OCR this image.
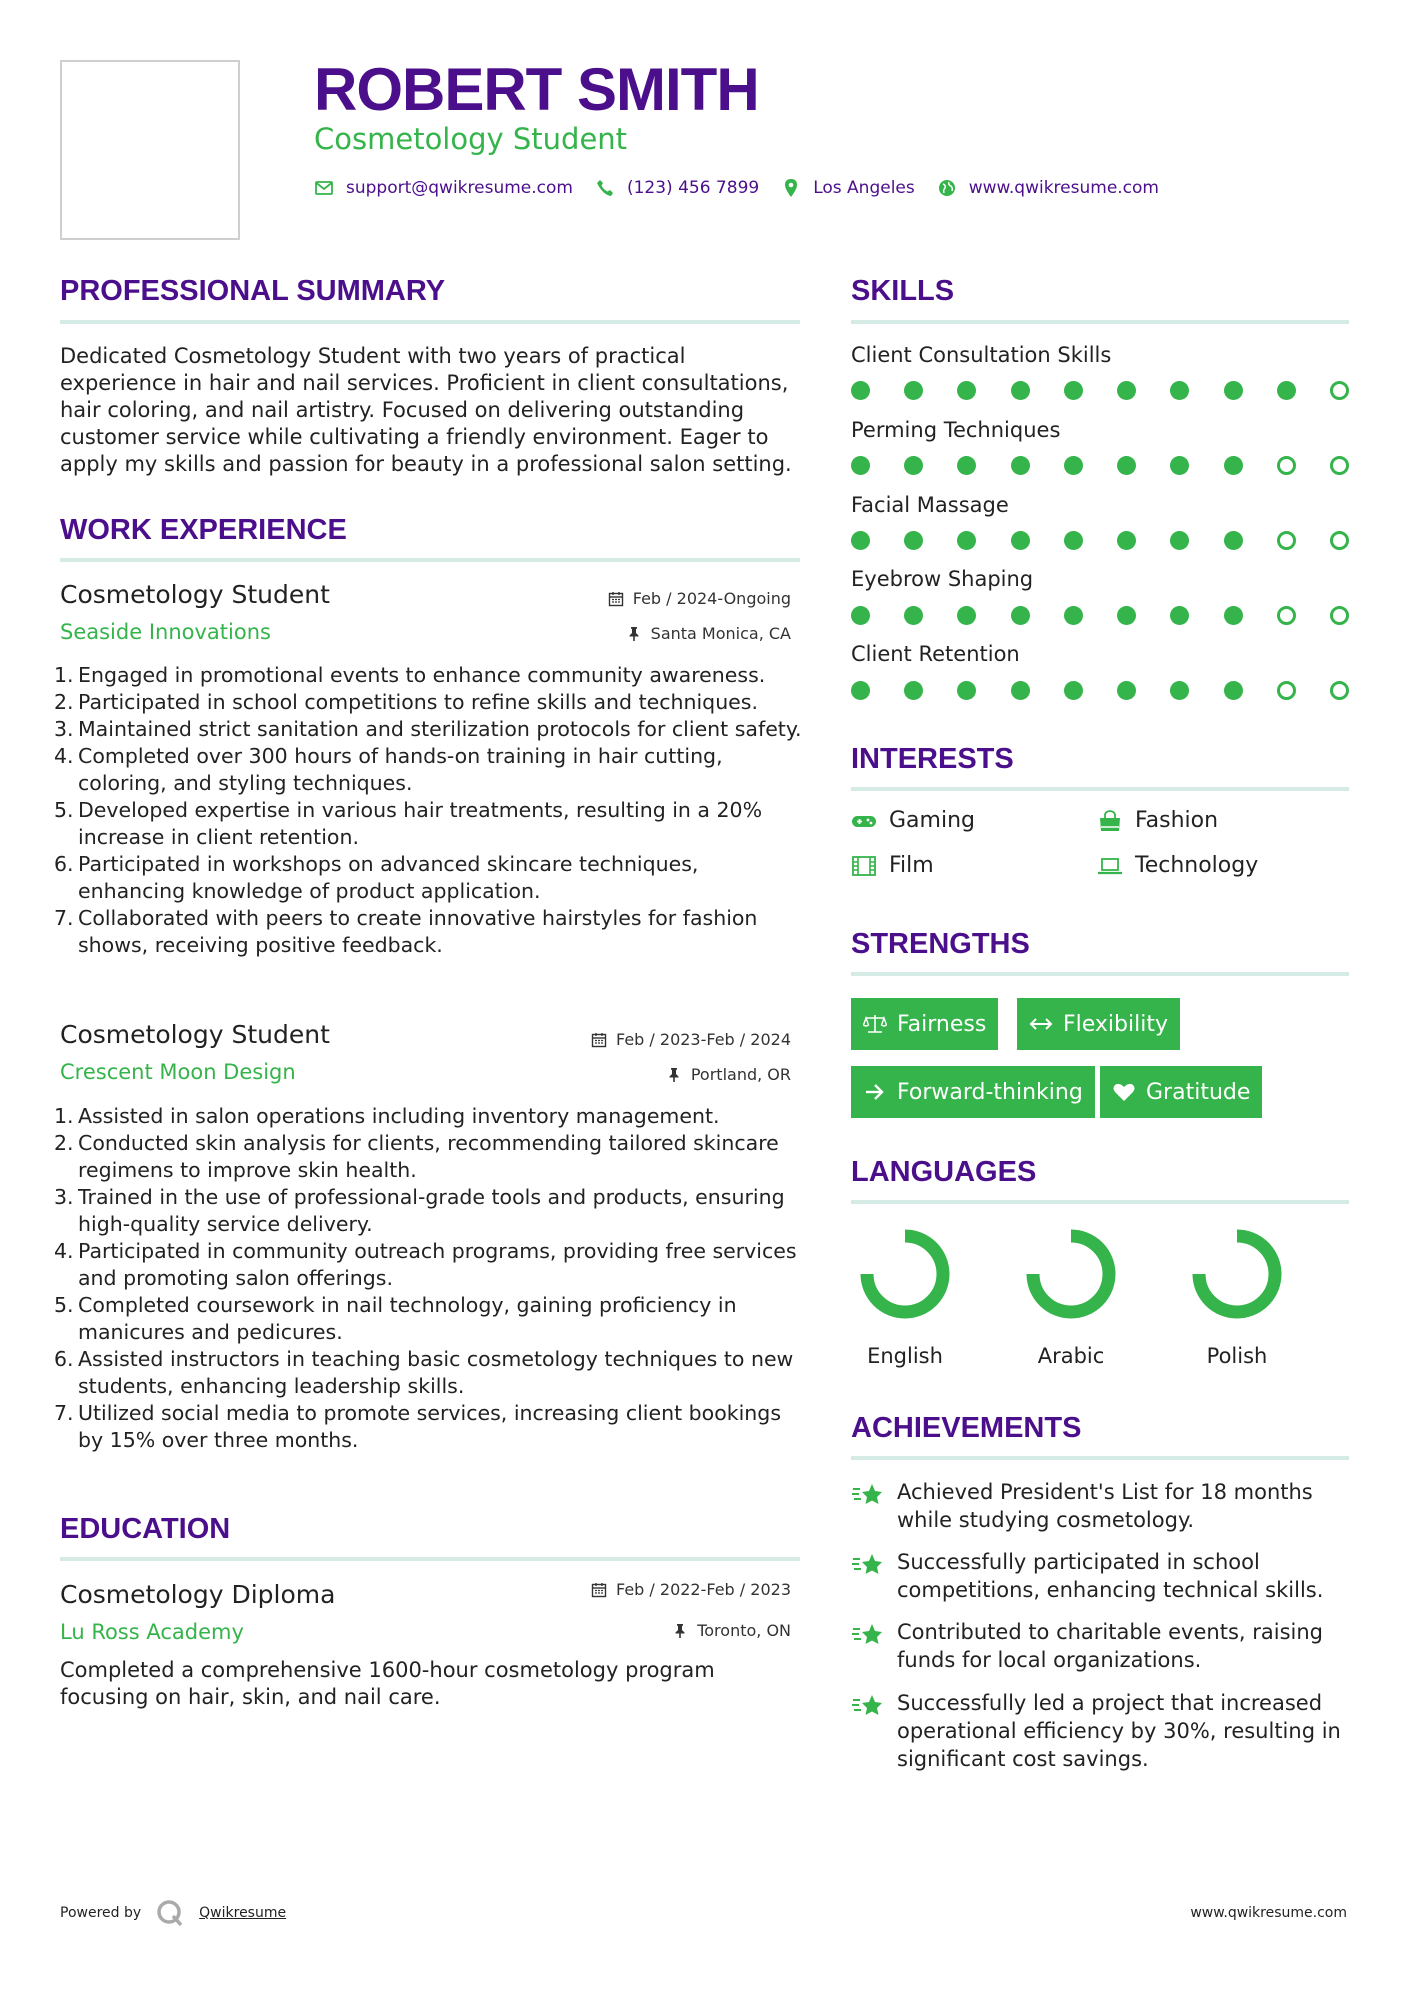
ROBERT SMITH
Cosmetology Student
support@qwikresume.com	(123) 456 7899	Los Angeles	www.qwikresume.com
PROFESSIONAL SUMMARY
Dedicated Cosmetology Student with two years of practical experience in hair and nail services. Proficient in client consultations, hair coloring, and nail artistry. Focused on delivering outstanding customer service while cultivating a friendly environment. Eager to apply my skills and passion for beauty in a professional salon setting.
WORK EXPERIENCE
Cosmetology Student
Seaside Innovations
Feb / 2024-Ongoing
Santa Monica, CA
1. Engaged in promotional events to enhance community awareness.
2. Participated in school competitions to refine skills and techniques.
3. Maintained strict sanitation and sterilization protocols for client safety.
4. Completed over 300 hours of hands-on training in hair cutting, coloring, and styling techniques.
5. Developed expertise in various hair treatments, resulting in a 20% increase in client retention.
6. Participated in workshops on advanced skincare techniques, enhancing knowledge of product application.
7. Collaborated with peers to create innovative hairstyles for fashion shows, receiving positive feedback.
Cosmetology Student
Crescent Moon Design
Feb / 2023-Feb / 2024
Portland, OR
1. Assisted in salon operations including inventory management.
2. Conducted skin analysis for clients, recommending tailored skincare regimens to improve skin health.
3. Trained in the use of professional-grade tools and products, ensuring high-quality service delivery.
4. Participated in community outreach programs, providing free services and promoting salon offerings.
5. Completed coursework in nail technology, gaining proficiency in manicures and pedicures.
6. Assisted instructors in teaching basic cosmetology techniques to new students, enhancing leadership skills.
7. Utilized social media to promote services, increasing client bookings by 15% over three months.
EDUCATION
Cosmetology Diploma
Lu Ross Academy
Feb / 2022-Feb / 2023
Toronto, ON
Completed a comprehensive 1600-hour cosmetology program focusing on hair, skin, and nail care.
SKILLS
Client Consultation Skills
Perming Techniques
Facial Massage
Eyebrow Shaping
Client Retention
INTERESTS
Gaming	Fashion
Film	Technology
STRENGTHS
Fairness	Flexibility
Forward-thinking	Gratitude
LANGUAGES
English	Arabic	Polish
ACHIEVEMENTS
Achieved President's List for 18 months while studying cosmetology.
Successfully participated in school competitions, enhancing technical skills.
Contributed to charitable events, raising funds for local organizations.
Successfully led a project that increased operational efficiency by 30%, resulting in significant cost savings.
Powered by	Qwikresume	www.qwikresume.com
